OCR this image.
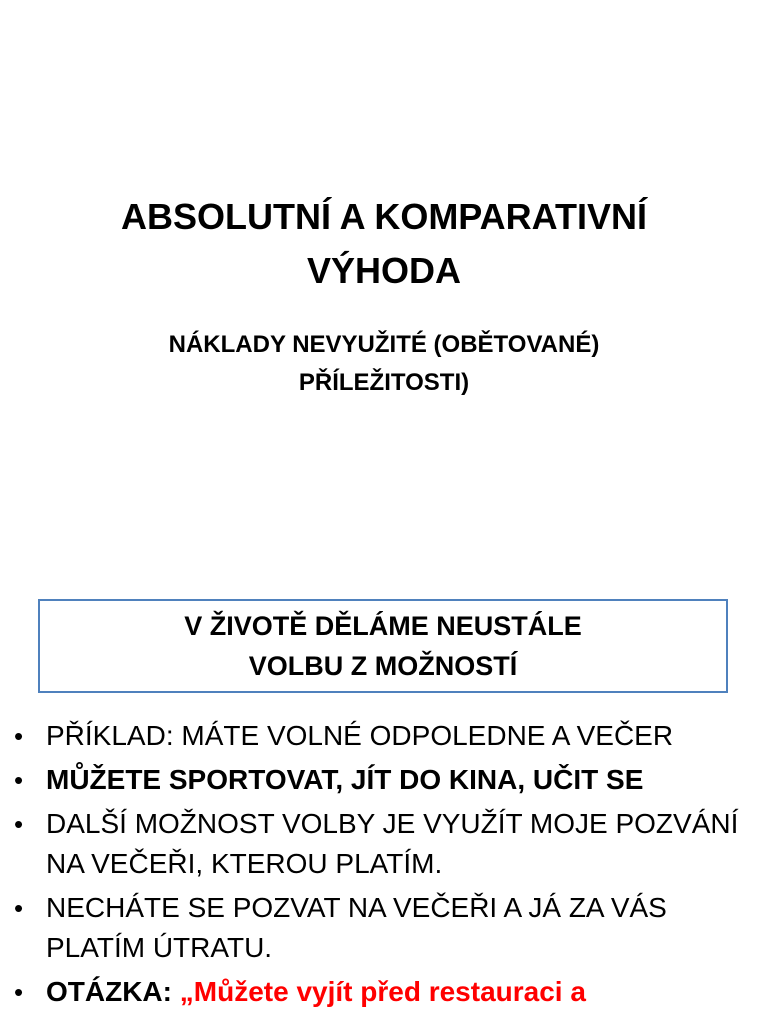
ABSOLUTNÍ A KOMPARATIVNÍ
VÝHODA
NÁKLADY NEVYUŽITÉ (OBĚTOVANÉ)
PŘÍLEŽITOSTI)
V ŽIVOTĚ DĚLÁME NEUSTÁLE
VOLBU Z MOŽNOSTÍ
• PŘÍKLAD: MÁTE VOLNÉ ODPOLEDNE A VEČER
• MŮŽETE SPORTOVAT, JÍT DO KINA, UČIT SE
• DALŠÍ MOŽNOST VOLBY JE VYUŽÍT MOJE POZVÁNÍ NA VEČEŘI, KTEROU PLATÍM.
• NECHÁTE SE POZVAT NA VEČEŘI A JÁ ZA VÁS PLATÍM ÚTRATU.
• OTÁZKA: „Můžete vyjít před restauraci a
